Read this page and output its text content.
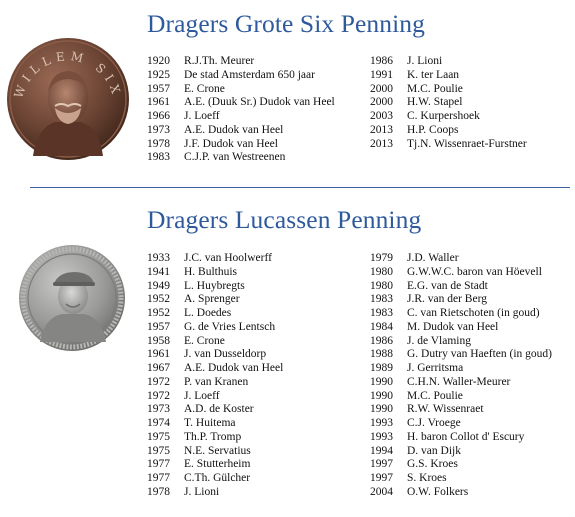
Dragers Grote Six Penning
WILLEM SIX
1920	R.J.Th. Meurer
1925	De stad Amsterdam 650 jaar
1957	E. Crone
1961	A.E. (Duuk Sr.) Dudok van Heel
1966	J. Loeff
1973	A.E. Dudok van Heel
1978	J.F. Dudok van Heel
1983	C.J.P. van Westreenen
1986	J. Lioni
1991	K. ter Laan
2000	M.C. Poulie
2000	H.W. Stapel
2003	C. Kurpershoek
2013	H.P. Coops
2013	Tj.N. Wissenraet-Furstner
Dragers Lucassen Penning
1933	J.C. van Hoolwerff
1941	H. Bulthuis
1949	L. Huybregts
1952	A. Sprenger
1952	L. Doedes
1957	G. de Vries Lentsch
1958	E. Crone
1961	J. van Dusseldorp
1967	A.E. Dudok van Heel
1972	P. van Kranen
1972	J. Loeff
1973	A.D. de Koster
1974	T. Huitema
1975	Th.P. Tromp
1975	N.E. Servatius
1977	E. Stutterheim
1977	C.Th. Gülcher
1978	J. Lioni
1979	J.D. Waller
1980	G.W.W.C. baron van Höevell
1980	E.G. van de Stadt
1983	J.R. van der Berg
1983	C. van Rietschoten (in goud)
1984	M. Dudok van Heel
1986	J. de Vlaming
1988	G. Dutry van Haeften (in goud)
1989	J. Gerritsma
1990	C.H.N. Waller-Meurer
1990	M.C. Poulie
1990	R.W. Wissenraet
1993	C.J. Vroege
1993	H. baron Collot d' Escury
1994	D. van Dijk
1997	G.S. Kroes
1997	S. Kroes
2004	O.W. Folkers
